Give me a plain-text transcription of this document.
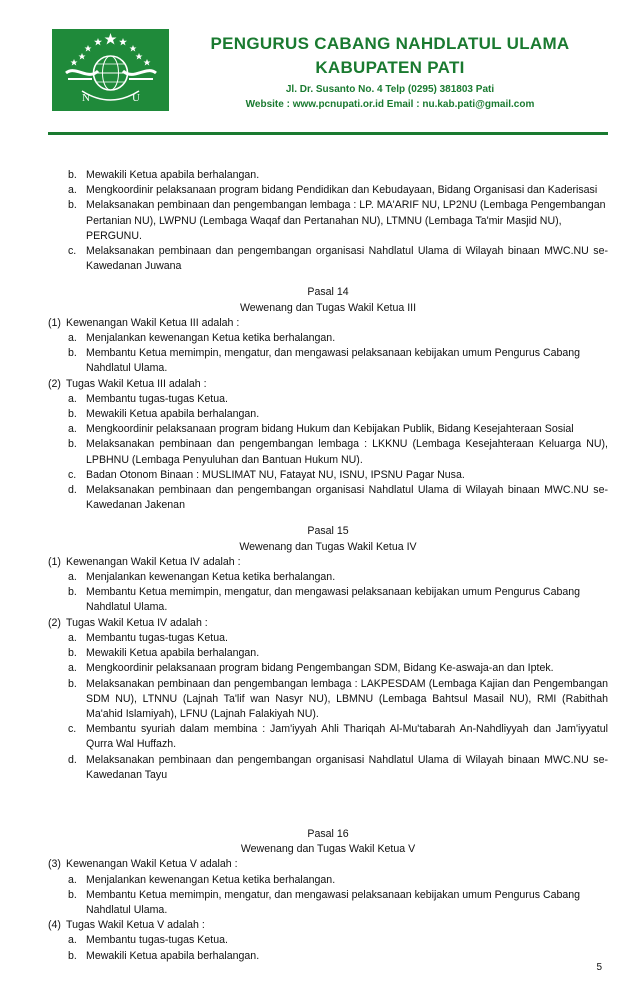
N	U
PENGURUS CABANG NAHDLATUL ULAMA
KABUPATEN PATI
Jl. Dr. Susanto No. 4 Telp (0295) 381803 Pati
Website : www.pcnupati.or.id Email : nu.kab.pati@gmail.com
b. Mewakili Ketua apabila berhalangan.
a. Mengkoordinir pelaksanaan program bidang Pendidikan dan Kebudayaan, Bidang Organisasi dan Kaderisasi
b. Melaksanakan pembinaan dan pengembangan lembaga : LP. MA'ARIF NU, LP2NU (Lembaga Pengembangan Pertanian NU), LWPNU (Lembaga Waqaf dan Pertanahan NU), LTMNU (Lembaga Ta'mir Masjid NU), PERGUNU.
c. Melaksanakan pembinaan dan pengembangan organisasi Nahdlatul Ulama di Wilayah binaan MWC.NU se-Kawedanan Juwana
Pasal 14
Wewenang dan Tugas Wakil Ketua III
(1) Kewenangan Wakil Ketua III adalah :
a. Menjalankan kewenangan Ketua ketika berhalangan.
b. Membantu Ketua memimpin, mengatur, dan mengawasi pelaksanaan kebijakan umum Pengurus Cabang Nahdlatul Ulama.
(2) Tugas Wakil Ketua III adalah :
a. Membantu tugas-tugas Ketua.
b. Mewakili Ketua apabila berhalangan.
a. Mengkoordinir pelaksanaan program bidang Hukum dan Kebijakan Publik, Bidang Kesejahteraan Sosial
b. Melaksanakan pembinaan dan pengembangan lembaga : LKKNU (Lembaga Kesejahteraan Keluarga NU), LPBHNU (Lembaga Penyuluhan dan Bantuan Hukum NU).
c. Badan Otonom Binaan : MUSLIMAT NU, Fatayat NU, ISNU, IPSNU Pagar Nusa.
d. Melaksanakan pembinaan dan pengembangan organisasi Nahdlatul Ulama di Wilayah binaan MWC.NU se-Kawedanan Jakenan
Pasal 15
Wewenang dan Tugas Wakil Ketua IV
(1) Kewenangan Wakil Ketua IV adalah :
a. Menjalankan kewenangan Ketua ketika berhalangan.
b. Membantu Ketua memimpin, mengatur, dan mengawasi pelaksanaan kebijakan umum Pengurus Cabang Nahdlatul Ulama.
(2) Tugas Wakil Ketua IV adalah :
a. Membantu tugas-tugas Ketua.
b. Mewakili Ketua apabila berhalangan.
a. Mengkoordinir pelaksanaan program bidang Pengembangan SDM, Bidang Ke-aswaja-an dan Iptek.
b. Melaksanakan pembinaan dan pengembangan lembaga : LAKPESDAM (Lembaga Kajian dan Pengembangan SDM NU), LTNNU (Lajnah Ta'lif wan Nasyr NU), LBMNU (Lembaga Bahtsul Masail NU), RMI (Rabithah Ma'ahid Islamiyah), LFNU (Lajnah Falakiyah NU).
c. Membantu syuriah dalam membina : Jam'iyyah Ahli Thariqah Al-Mu'tabarah An-Nahdliyyah dan Jam'iyyatul Qurra Wal Huffazh.
d. Melaksanakan pembinaan dan pengembangan organisasi Nahdlatul Ulama di Wilayah binaan MWC.NU se-Kawedanan Tayu
Pasal 16
Wewenang dan Tugas Wakil Ketua V
(3) Kewenangan Wakil Ketua V adalah :
a. Menjalankan kewenangan Ketua ketika berhalangan.
b. Membantu Ketua memimpin, mengatur, dan mengawasi pelaksanaan kebijakan umum Pengurus Cabang Nahdlatul Ulama.
(4) Tugas Wakil Ketua V adalah :
a. Membantu tugas-tugas Ketua.
b. Mewakili Ketua apabila berhalangan.
5
